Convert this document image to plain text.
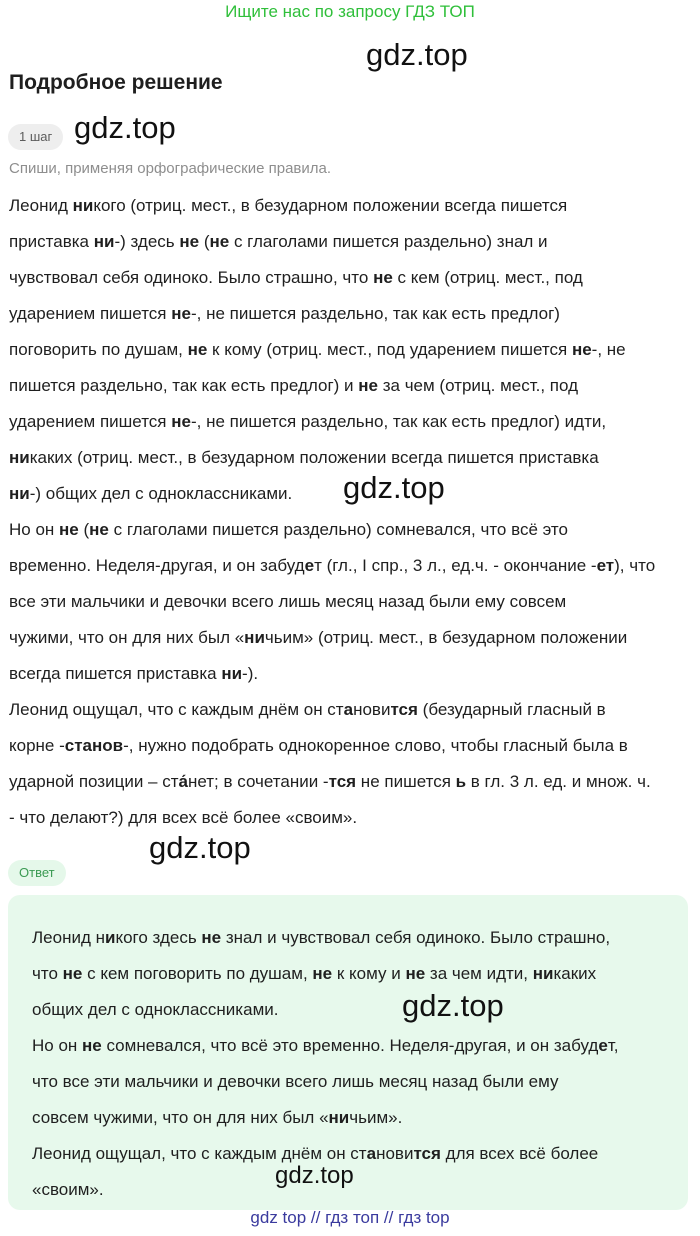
Ищите нас по запросу ГДЗ ТОП
gdz.top
Подробное решение
1 шаг gdz.top
Спиши, применяя орфографические правила.
Леонид никого (отриц. мест., в безударном положении всегда пишется
приставка ни-) здесь не (не с глаголами пишется раздельно) знал и
чувствовал себя одиноко. Было страшно, что не с кем (отриц. мест., под
ударением пишется не-, не пишется раздельно, так как есть предлог)
поговорить по душам, не к кому (отриц. мест., под ударением пишется не-, не
пишется раздельно, так как есть предлог) и не за чем (отриц. мест., под
ударением пишется не-, не пишется раздельно, так как есть предлог) идти,
никаких (отриц. мест., в безударном положении всегда пишется приставка
ни-) общих дел с одноклассниками.
Но он не (не с глаголами пишется раздельно) сомневался, что всё это
временно. Неделя-другая, и он забудет (гл., I спр., 3 л., ед.ч. - окончание -ет), что
все эти мальчики и девочки всего лишь месяц назад были ему совсем
чужими, что он для них был «ничьим» (отриц. мест., в безударном положении
всегда пишется приставка ни-).
Леонид ощущал, что с каждым днём он становится (безударный гласный в
корне -станов-, нужно подобрать однокоренное слово, чтобы гласный была в
ударной позиции – ста́нет; в сочетании -тся не пишется ь в гл. 3 л. ед. и множ. ч.
- что делают?) для всех всё более «своим».
gdz.top
gdz.top
Ответ
Леонид никого здесь не знал и чувствовал себя одиноко. Было страшно,
что не с кем поговорить по душам, не к кому и не за чем идти, никаких
общих дел с одноклассниками.
Но он не сомневался, что всё это временно. Неделя-другая, и он забудет,
что все эти мальчики и девочки всего лишь месяц назад были ему
совсем чужими, что он для них был «ничьим».
Леонид ощущал, что с каждым днём он становится для всех всё более
«своим».
gdz.top
gdz.top
gdz top // гдз топ // гдз top
